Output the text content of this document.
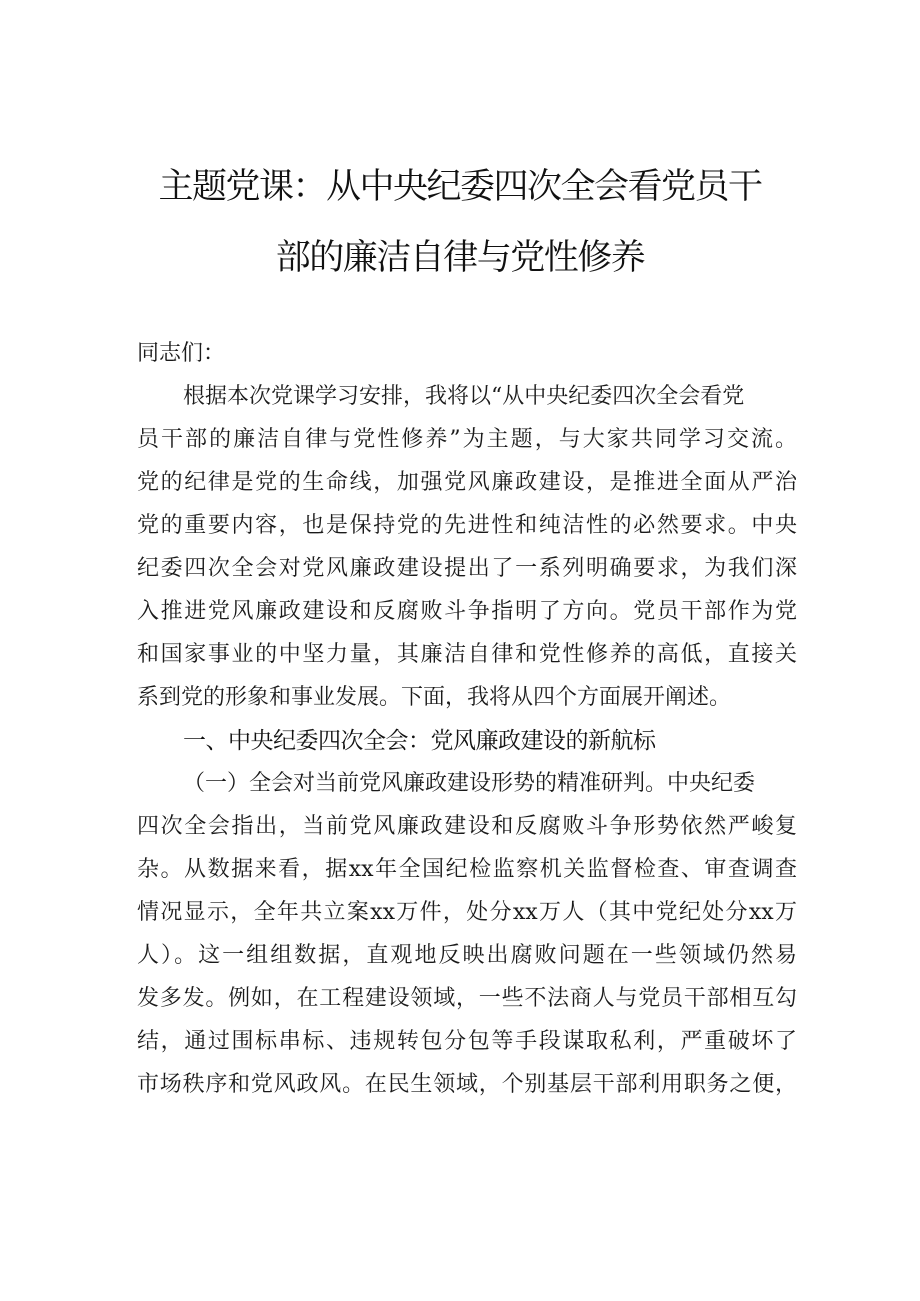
主题党课：从中央纪委四次全会看党员干
部的廉洁自律与党性修养
同志们：
根据本次党课学习安排，我将以“从中央纪委四次全会看党
员干部的廉洁自律与党性修养”为主题，与大家共同学习交流。
党的纪律是党的生命线，加强党风廉政建设，是推进全面从严治
党的重要内容，也是保持党的先进性和纯洁性的必然要求。中央
纪委四次全会对党风廉政建设提出了一系列明确要求，为我们深
入推进党风廉政建设和反腐败斗争指明了方向。党员干部作为党
和国家事业的中坚力量，其廉洁自律和党性修养的高低，直接关
系到党的形象和事业发展。下面，我将从四个方面展开阐述。
一、中央纪委四次全会：党风廉政建设的新航标
（一）全会对当前党风廉政建设形势的精准研判。中央纪委
四次全会指出，当前党风廉政建设和反腐败斗争形势依然严峻复
杂。从数据来看，据xx年全国纪检监察机关监督检查、审查调查
情况显示，全年共立案xx万件，处分xx万人（其中党纪处分xx万
人）。这一组组数据，直观地反映出腐败问题在一些领域仍然易
发多发。例如，在工程建设领域，一些不法商人与党员干部相互勾
结，通过围标串标、违规转包分包等手段谋取私利，严重破坏了
市场秩序和党风政风。在民生领域，个别基层干部利用职务之便，
